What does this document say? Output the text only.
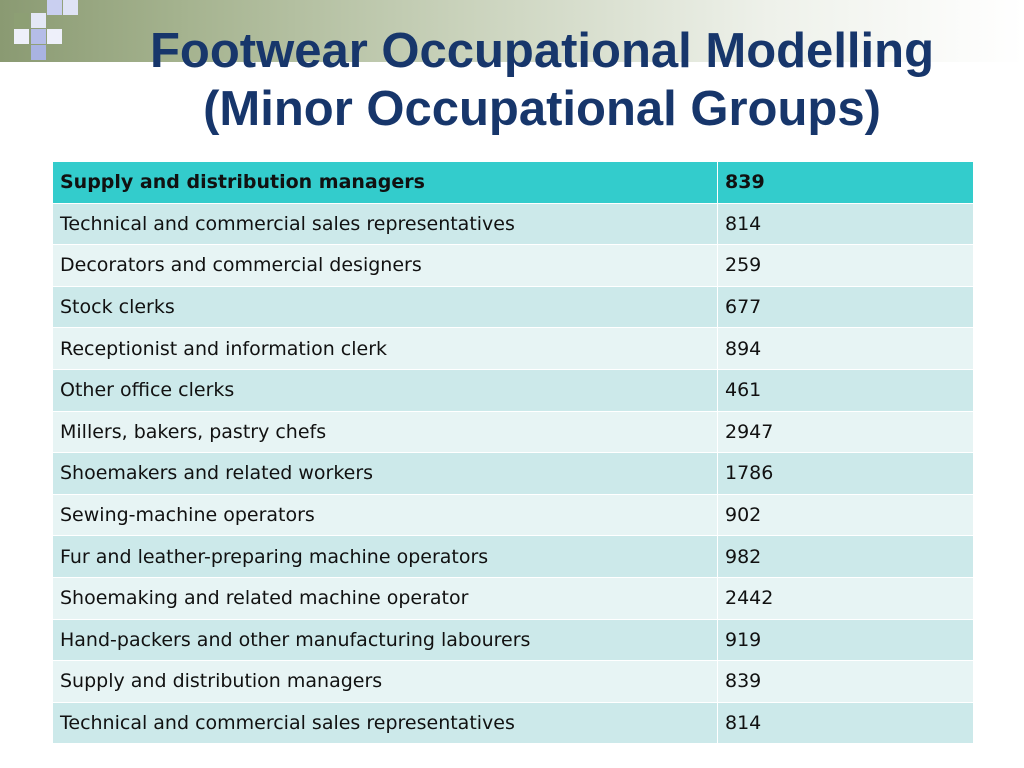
Footwear Occupational Modelling
(Minor Occupational Groups)
Supply and distribution managers	839
Technical and commercial sales representatives	814
Decorators and commercial designers	259
Stock clerks	677
Receptionist and information clerk	894
Other office clerks	461
Millers, bakers, pastry chefs	2947
Shoemakers and related workers	1786
Sewing-machine operators	902
Fur and leather-preparing machine operators	982
Shoemaking and related machine operator	2442
Hand-packers and other manufacturing labourers	919
Supply and distribution managers	839
Technical and commercial sales representatives	814
